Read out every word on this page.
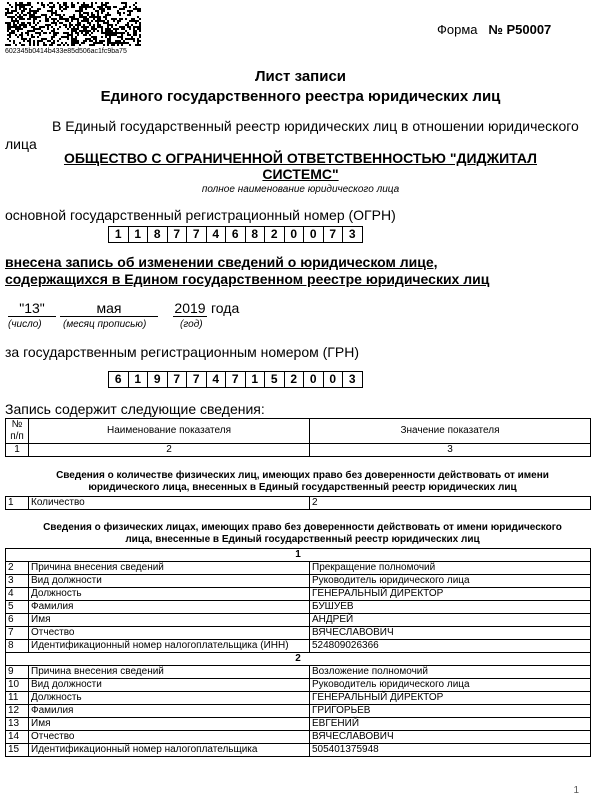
602345b0414b433e85d506ac1fc9ba75
Форма № Р50007
Лист записи
Единого государственного реестра юридических лиц
В Единый государственный реестр юридических лиц в отношении юридического
лица
ОБЩЕСТВО С ОГРАНИЧЕННОЙ ОТВЕТСТВЕННОСТЬЮ "ДИДЖИТАЛ
СИСТЕМС"
полное наименование юридического лица
основной государственный регистрационный номер (ОГРН)
1	1	8	7	7	4	6	8	2	0	0	7	3
внесена запись об изменении сведений о юридическом лице,
содержащихся в Едином государственном реестре юридических лиц
"13"	мая	2019 года
(число) (месяц прописью)	(год)
за государственным регистрационным номером (ГРН)
6	1	9	7	7	4	7	1	5	2	0	0	3
Запись содержит следующие сведения:
№
п/п	Наименование показателя	Значение показателя
1	2	3
Сведения о количестве физических лиц, имеющих право без доверенности действовать от имени
юридического лица, внесенных в Единый государственный реестр юридических лиц
1	Количество	2
Сведения о физических лицах, имеющих право без доверенности действовать от имени юридического
лица, внесенные в Единый государственный реестр юридических лиц
1		
2	Причина внесения сведений	Прекращение полномочий
3	Вид должности	Руководитель юридического лица
4	Должность	ГЕНЕРАЛЬНЫЙ ДИРЕКТОР
5	Фамилия	БУШУЕВ
6	Имя	АНДРЕЙ
7	Отчество	ВЯЧЕСЛАВОВИЧ
8	Идентификационный номер налогоплательщика (ИНН)	524809026366
2		
9	Причина внесения сведений	Возложение полномочий
10	Вид должности	Руководитель юридического лица
11	Должность	ГЕНЕРАЛЬНЫЙ ДИРЕКТОР
12	Фамилия	ГРИГОРЬЕВ
13	Имя	ЕВГЕНИЙ
14	Отчество	ВЯЧЕСЛАВОВИЧ
15	Идентификационный номер налогоплательщика	505401375948
1
